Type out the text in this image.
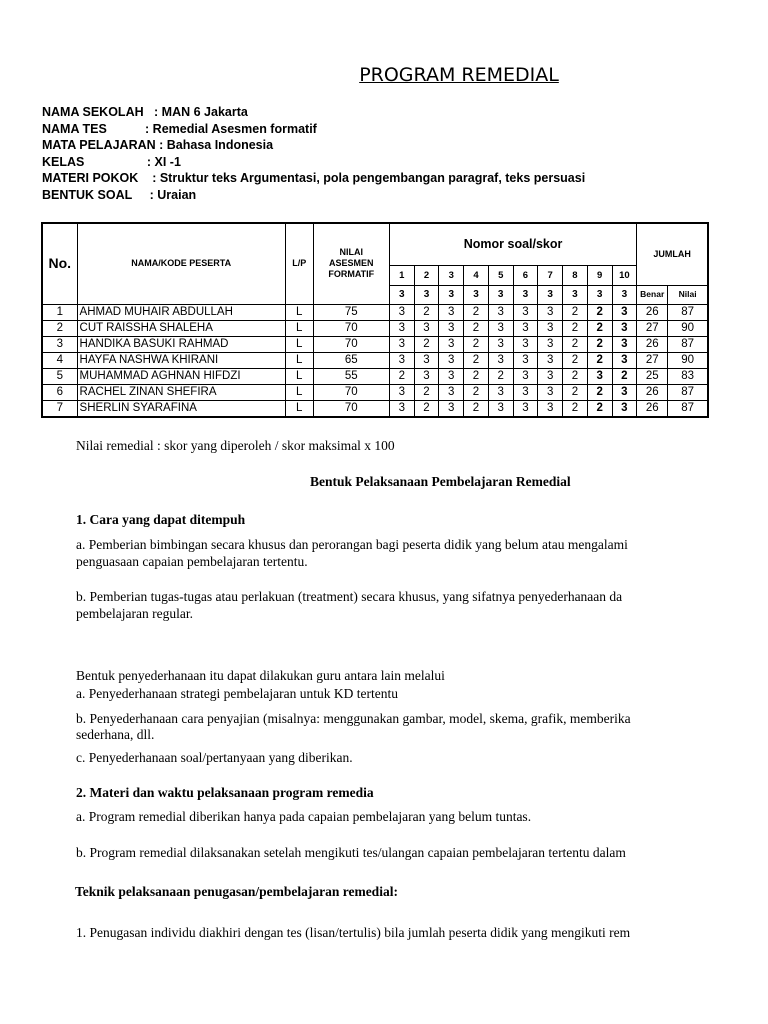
PROGRAM REMEDIAL
NAMA SEKOLAH   : MAN 6 Jakarta
NAMA TES           : Remedial Asesmen formatif
MATA PELAJARAN : Bahasa Indonesia
KELAS                  : XI -1
MATERI POKOK    : Struktur teks Argumentasi, pola pengembangan paragraf, teks persuasi
BENTUK SOAL     : Uraian
No.	NAMA/KODE PESERTA	L/P	NILAI
ASESMEN
FORMATIF	Nomor soal/skor										JUMLAH	
				1	2	3	4	5	6	7	8	9	10		
				3	3	3	3	3	3	3	3	3	3	Benar	Nilai
1	AHMAD MUHAIR ABDULLAH	L	75	3	2	3	2	3	3	3	2	2	3	26	87
2	CUT RAISSHA SHALEHA	L	70	3	3	3	2	3	3	3	2	2	3	27	90
3	HANDIKA BASUKI RAHMAD	L	70	3	2	3	2	3	3	3	2	2	3	26	87
4	HAYFA NASHWA KHIRANI	L	65	3	3	3	2	3	3	3	2	2	3	27	90
5	MUHAMMAD AGHNAN HIFDZI	L	55	2	3	3	2	2	3	3	2	3	2	25	83
6	RACHEL ZINAN SHEFIRA	L	70	3	2	3	2	3	3	3	2	2	3	26	87
7	SHERLIN SYARAFINA	L	70	3	2	3	2	3	3	3	2	2	3	26	87
Nilai remedial : skor yang diperoleh / skor maksimal x 100
Bentuk Pelaksanaan Pembelajaran Remedial
1. Cara yang dapat ditempuh
a. Pemberian bimbingan secara khusus dan perorangan bagi peserta didik yang belum atau mengalami
penguasaan capaian pembelajaran tertentu.
b. Pemberian tugas-tugas atau perlakuan (treatment) secara khusus, yang sifatnya penyederhanaan da
pembelajaran regular.
Bentuk penyederhanaan itu dapat dilakukan guru antara lain melalui
a. Penyederhanaan strategi pembelajaran untuk KD tertentu
b. Penyederhanaan cara penyajian (misalnya: menggunakan gambar, model, skema, grafik, memberika
sederhana, dll.
c. Penyederhanaan soal/pertanyaan yang diberikan.
2. Materi dan waktu pelaksanaan program remedia
a. Program remedial diberikan hanya pada capaian pembelajaran yang belum tuntas.
b. Program remedial dilaksanakan setelah mengikuti tes/ulangan capaian pembelajaran tertentu dalam
Teknik pelaksanaan penugasan/pembelajaran remedial:
1. Penugasan individu diakhiri dengan tes (lisan/tertulis) bila jumlah peserta didik yang mengikuti rem
